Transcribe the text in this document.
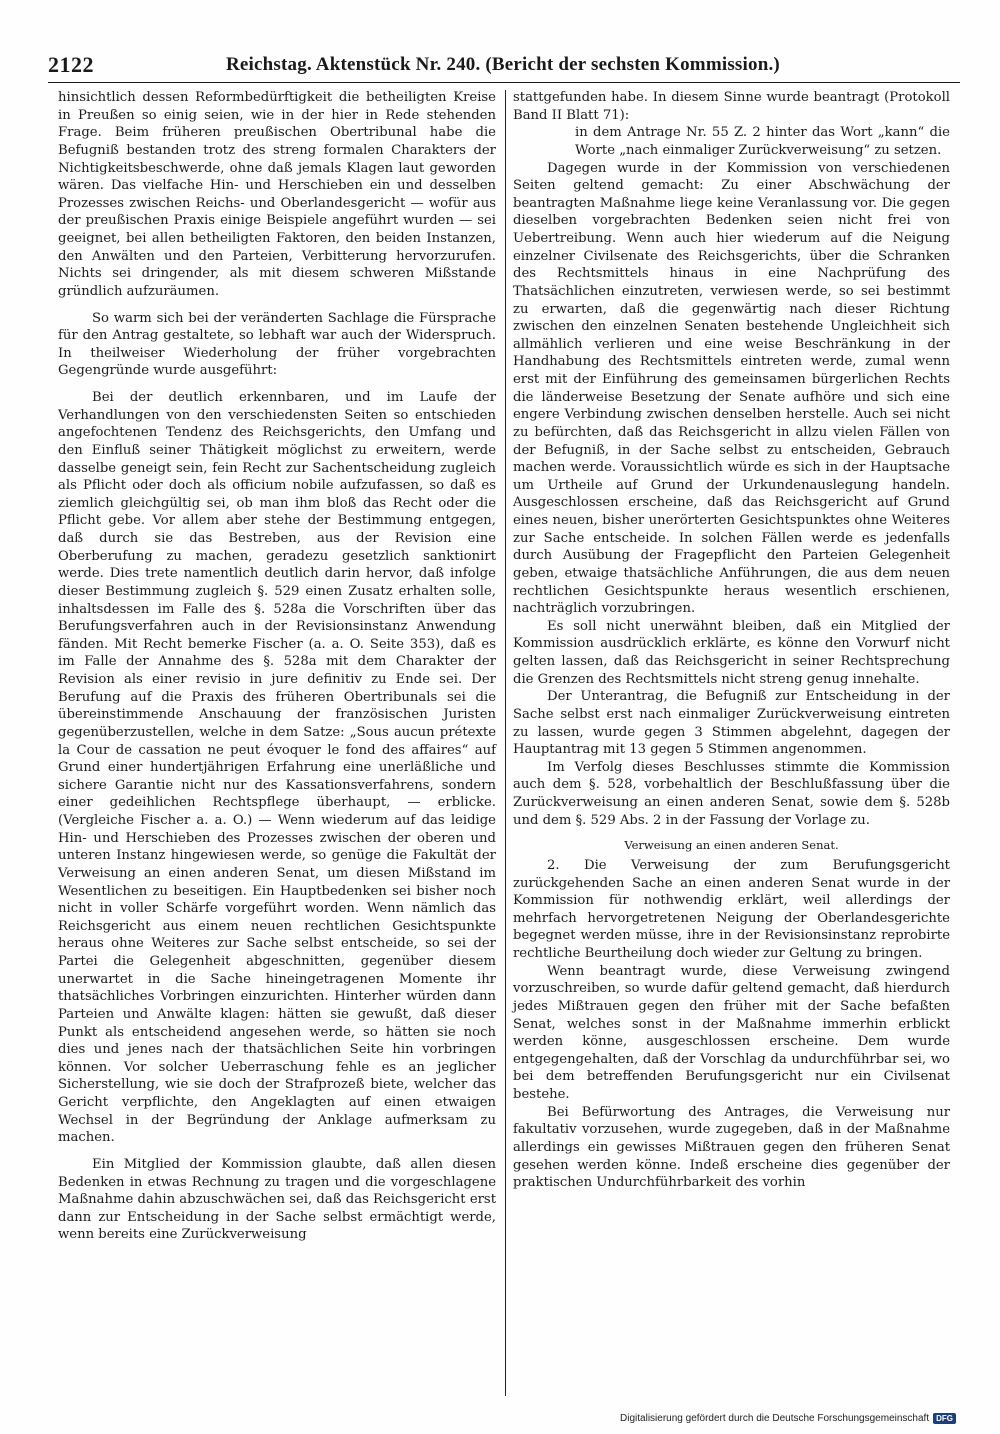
2122	Reichstag. Aktenstück Nr. 240. (Bericht der sechsten Kommission.)

hinsichtlich dessen Reformbedürftigkeit die betheiligten Kreise in Preußen so einig seien, wie in der hier in Rede stehenden Frage. Beim früheren preußischen Obertribunal habe die Befugniß bestanden trotz des streng formalen Charakters der Nichtigkeitsbeschwerde, ohne daß jemals Klagen laut geworden wären. Das vielfache Hin- und Herschieben ein und desselben Prozesses zwischen Reichs- und Oberlandesgericht — wofür aus der preußischen Praxis einige Beispiele angeführt wurden — sei geeignet, bei allen betheiligten Faktoren, den beiden Instanzen, den Anwälten und den Parteien, Verbitterung hervorzurufen. Nichts sei dringender, als mit diesem schweren Mißstande gründlich aufzuräumen.

So warm sich bei der veränderten Sachlage die Fürsprache für den Antrag gestaltete, so lebhaft war auch der Widerspruch. In theilweiser Wiederholung der früher vorgebrachten Gegengründe wurde ausgeführt:

Bei der deutlich erkennbaren, und im Laufe der Verhandlungen von den verschiedensten Seiten so entschieden angefochtenen Tendenz des Reichsgerichts, den Umfang und den Einfluß seiner Thätigkeit möglichst zu erweitern, werde dasselbe geneigt sein, fein Recht zur Sachentscheidung zugleich als Pflicht oder doch als officium nobile aufzufassen, so daß es ziemlich gleichgültig sei, ob man ihm bloß das Recht oder die Pflicht gebe. Vor allem aber stehe der Bestimmung entgegen, daß durch sie das Bestreben, aus der Revision eine Oberberufung zu machen, geradezu gesetzlich sanktionirt werde. Dies trete namentlich deutlich darin hervor, daß infolge dieser Bestimmung zugleich §. 529 einen Zusatz erhalten solle, inhaltsdessen im Falle des §. 528a die Vorschriften über das Berufungsverfahren auch in der Revisionsinstanz Anwendung fänden. Mit Recht bemerke Fischer (a. a. O. Seite 353), daß es im Falle der Annahme des §. 528a mit dem Charakter der Revision als einer revisio in jure definitiv zu Ende sei. Der Berufung auf die Praxis des früheren Obertribunals sei die übereinstimmende Anschauung der französischen Juristen gegenüberzustellen, welche in dem Satze: „Sous aucun prétexte la Cour de cassation ne peut évoquer le fond des affaires“ auf Grund einer hundertjährigen Erfahrung eine unerläßliche und sichere Garantie nicht nur des Kassationsverfahrens, sondern einer gedeihlichen Rechtspflege überhaupt, — erblicke. (Vergleiche Fischer a. a. O.) — Wenn wiederum auf das leidige Hin- und Herschieben des Prozesses zwischen der oberen und unteren Instanz hingewiesen werde, so genüge die Fakultät der Verweisung an einen anderen Senat, um diesen Mißstand im Wesentlichen zu beseitigen. Ein Hauptbedenken sei bisher noch nicht in voller Schärfe vorgeführt worden. Wenn nämlich das Reichsgericht aus einem neuen rechtlichen Gesichtspunkte heraus ohne Weiteres zur Sache selbst entscheide, so sei der Partei die Gelegenheit abgeschnitten, gegenüber diesem unerwartet in die Sache hineingetragenen Momente ihr thatsächliches Vorbringen einzurichten. Hinterher würden dann Parteien und Anwälte klagen: hätten sie gewußt, daß dieser Punkt als entscheidend angesehen werde, so hätten sie noch dies und jenes nach der thatsächlichen Seite hin vorbringen können. Vor solcher Ueberraschung fehle es an jeglicher Sicherstellung, wie sie doch der Strafprozeß biete, welcher das Gericht verpflichte, den Angeklagten auf einen etwaigen Wechsel in der Begründung der Anklage aufmerksam zu machen.

Ein Mitglied der Kommission glaubte, daß allen diesen Bedenken in etwas Rechnung zu tragen und die vorgeschlagene Maßnahme dahin abzuschwächen sei, daß das Reichsgericht erst dann zur Entscheidung in der Sache selbst ermächtigt werde, wenn bereits eine Zurückverweisung

stattgefunden habe. In diesem Sinne wurde beantragt (Protokoll Band II Blatt 71):

in dem Antrage Nr. 55 Z. 2 hinter das Wort „kann“ die Worte „nach einmaliger Zurückverweisung“ zu setzen.

Dagegen wurde in der Kommission von verschiedenen Seiten geltend gemacht: Zu einer Abschwächung der beantragten Maßnahme liege keine Veranlassung vor. Die gegen dieselben vorgebrachten Bedenken seien nicht frei von Uebertreibung. Wenn auch hier wiederum auf die Neigung einzelner Civilsenate des Reichsgerichts, über die Schranken des Rechtsmittels hinaus in eine Nachprüfung des Thatsächlichen einzutreten, verwiesen werde, so sei bestimmt zu erwarten, daß die gegenwärtig nach dieser Richtung zwischen den einzelnen Senaten bestehende Ungleichheit sich allmählich verlieren und eine weise Beschränkung in der Handhabung des Rechtsmittels eintreten werde, zumal wenn erst mit der Einführung des gemeinsamen bürgerlichen Rechts die länderweise Besetzung der Senate aufhöre und sich eine engere Verbindung zwischen denselben herstelle. Auch sei nicht zu befürchten, daß das Reichsgericht in allzu vielen Fällen von der Befugniß, in der Sache selbst zu entscheiden, Gebrauch machen werde. Voraussichtlich würde es sich in der Hauptsache um Urtheile auf Grund der Urkundenauslegung handeln. Ausgeschlossen erscheine, daß das Reichsgericht auf Grund eines neuen, bisher unerörterten Gesichtspunktes ohne Weiteres zur Sache entscheide. In solchen Fällen werde es jedenfalls durch Ausübung der Fragepflicht den Parteien Gelegenheit geben, etwaige thatsächliche Anführungen, die aus dem neuen rechtlichen Gesichtspunkte heraus wesentlich erschienen, nachträglich vorzubringen.

Es soll nicht unerwähnt bleiben, daß ein Mitglied der Kommission ausdrücklich erklärte, es könne den Vorwurf nicht gelten lassen, daß das Reichsgericht in seiner Rechtsprechung die Grenzen des Rechtsmittels nicht streng genug innehalte.

Der Unterantrag, die Befugniß zur Entscheidung in der Sache selbst erst nach einmaliger Zurückverweisung eintreten zu lassen, wurde gegen 3 Stimmen abgelehnt, dagegen der Hauptantrag mit 13 gegen 5 Stimmen angenommen.

Im Verfolg dieses Beschlusses stimmte die Kommission auch dem §. 528, vorbehaltlich der Beschlußfassung über die Zurückverweisung an einen anderen Senat, sowie dem §. 528b und dem §. 529 Abs. 2 in der Fassung der Vorlage zu.

Verweisung an einen anderen Senat.

2. Die Verweisung der zum Berufungsgericht zurückgehenden Sache an einen anderen Senat wurde in der Kommission für nothwendig erklärt, weil allerdings der mehrfach hervorgetretenen Neigung der Oberlandesgerichte begegnet werden müsse, ihre in der Revisionsinstanz reprobirte rechtliche Beurtheilung doch wieder zur Geltung zu bringen.

Wenn beantragt wurde, diese Verweisung zwingend vorzuschreiben, so wurde dafür geltend gemacht, daß hierdurch jedes Mißtrauen gegen den früher mit der Sache befaßten Senat, welches sonst in der Maßnahme immerhin erblickt werden könne, ausgeschlossen erscheine. Dem wurde entgegengehalten, daß der Vorschlag da undurchführbar sei, wo bei dem betreffenden Berufungsgericht nur ein Civilsenat bestehe.

Bei Befürwortung des Antrages, die Verweisung nur fakultativ vorzusehen, wurde zugegeben, daß in der Maßnahme allerdings ein gewisses Mißtrauen gegen den früheren Senat gesehen werden könne. Indeß erscheine dies gegenüber der praktischen Undurchführbarkeit des vorhin

Digitalisierung gefördert durch die Deutsche Forschungsgemeinschaft DFG
